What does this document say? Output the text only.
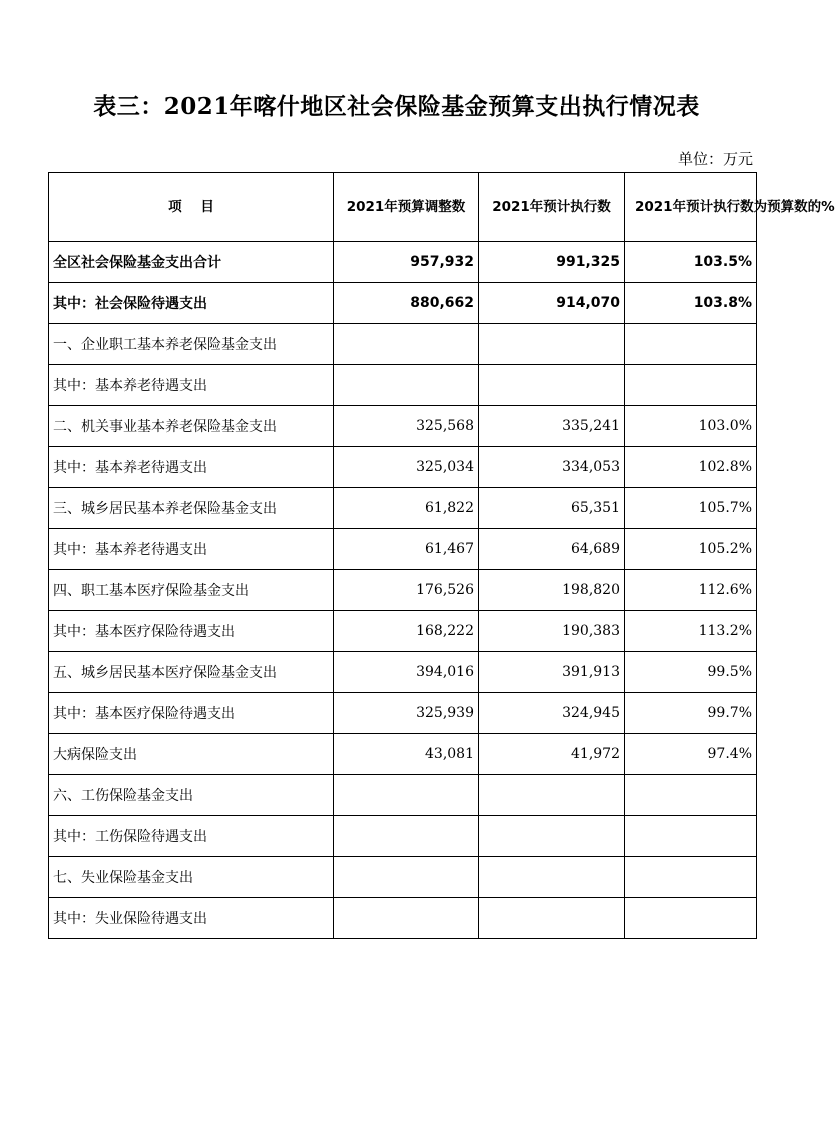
表三：2021年喀什地区社会保险基金预算支出执行情况表
单位：万元
项    目	2021年预算调整数	2021年预计执行数	2021年预计执行数为预算数的%
全区社会保险基金支出合计	957,932	991,325	103.5%
其中：社会保险待遇支出	880,662	914,070	103.8%
一、企业职工基本养老保险基金支出			
其中：基本养老待遇支出			
二、机关事业基本养老保险基金支出	325,568	335,241	103.0%
其中：基本养老待遇支出	325,034	334,053	102.8%
三、城乡居民基本养老保险基金支出	61,822	65,351	105.7%
其中：基本养老待遇支出	61,467	64,689	105.2%
四、职工基本医疗保险基金支出	176,526	198,820	112.6%
其中：基本医疗保险待遇支出	168,222	190,383	113.2%
五、城乡居民基本医疗保险基金支出	394,016	391,913	99.5%
其中：基本医疗保险待遇支出	325,939	324,945	99.7%
大病保险支出	43,081	41,972	97.4%
六、工伤保险基金支出			
其中：工伤保险待遇支出			
七、失业保险基金支出			
其中：失业保险待遇支出			
